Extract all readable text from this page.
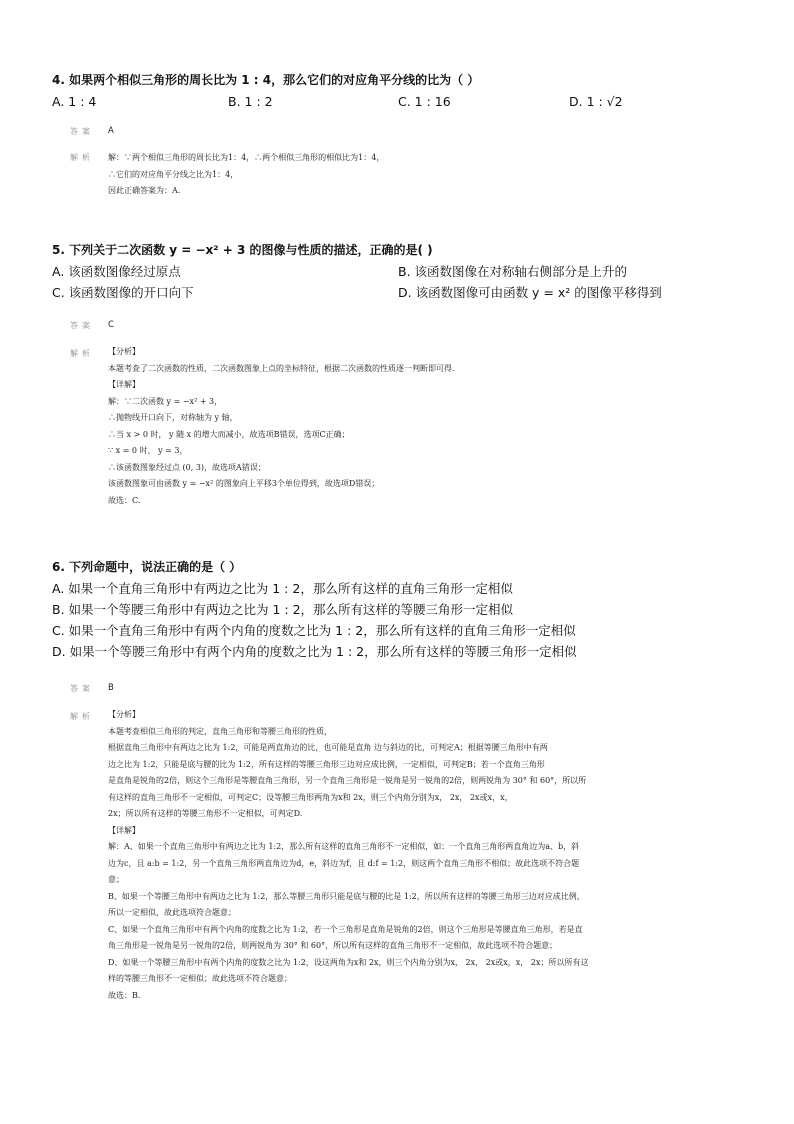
4. 如果两个相似三角形的周长比为 1 : 4，那么它们的对应角平分线的比为（ ）
A. 1 : 4	B. 1 : 2	C. 1 : 16	D. 1 : √2
答案 A
解析 解：∵两个相似三角形的周长比为1：4，∴两个相似三角形的相似比为1：4，
∴它们的对应角平分线之比为1：4，
因此正确答案为：A.
5. 下列关于二次函数 y = −x² + 3 的图像与性质的描述，正确的是( )
A. 该函数图像经过原点	B. 该函数图像在对称轴右侧部分是上升的
C. 该函数图像的开口向下	D. 该函数图像可由函数 y = x² 的图像平移得到
答案 C
解析 【分析】
本题考查了二次函数的性质，二次函数图象上点的坐标特征，根据二次函数的性质逐一判断即可得.
【详解】
解：∵二次函数 y = −x² + 3，
∴抛物线开口向下，对称轴为 y 轴，
∴当 x > 0 时， y 随 x 的增大而减小，故选项B错误，选项C正确；
∵ x = 0 时， y = 3，
∴该函数图象经过点 (0, 3)，故选项A错误；
该函数图象可由函数 y = −x² 的图象向上平移3个单位得到，故选项D错误；
故选：C.
6. 下列命题中，说法正确的是（ ）
A. 如果一个直角三角形中有两边之比为 1 : 2，那么所有这样的直角三角形一定相似
B. 如果一个等腰三角形中有两边之比为 1 : 2，那么所有这样的等腰三角形一定相似
C. 如果一个直角三角形中有两个内角的度数之比为 1 : 2，那么所有这样的直角三角形一定相似
D. 如果一个等腰三角形中有两个内角的度数之比为 1 : 2，那么所有这样的等腰三角形一定相似
答案 B
解析 【分析】
本题考查相似三角形的判定，直角三角形和等腰三角形的性质，
根据直角三角形中有两边之比为 1:2，可能是两直角边的比，也可能是直角 边与斜边的比，可判定A；根据等腰三角形中有两
边之比为 1:2，只能是底与腰的比为 1:2，所有这样的等腰三角形三边对应成比例，一定相似，可判定B；若一个直角三角形
是直角是锐角的2倍，则这个三角形是等腰直角三角形，另一个直角三角形是一锐角是另一锐角的2倍，则两锐角为 30° 和 60°，所以所
有这样的直角三角形不一定相似，可判定C；设等腰三角形两角为x和 2x，则三个内角分别为x， 2x， 2x或x，x，
2x；所以所有这样的等腰三角形不一定相似，可判定D.
【详解】
解：A、如果一个直角三角形中有两边之比为 1:2，那么所有这样的直角三角形不一定相似，如：一个直角三角形两直角边为a、b，斜
边为c，且 a:b = 1:2，另一个直角三角形两直角边为d，e，斜边为f，且 d:f = 1:2，则这两个直角三角形不相似；故此选项不符合题
意；
B、如果一个等腰三角形中有两边之比为 1:2，那么等腰三角形只能是底与腰的比是 1:2，所以所有这样的等腰三角形三边对应成比例，
所以一定相似，故此选项符合题意；
C、如果一个直角三角形中有两个内角的度数之比为 1:2，若一个三角形是直角是锐角的2倍，则这个三角形是等腰直角三角形，若是直
角三角形是一锐角是另一锐角的2倍，则两锐角为 30° 和 60°，所以所有这样的直角三角形不一定相似，故此选项不符合题意；
D、如果一个等腰三角形中有两个内角的度数之比为 1:2，设这两角为x和 2x，则三个内角分别为x， 2x， 2x或x，x， 2x；所以所有这
样的等腰三角形不一定相似；故此选项不符合题意；
故选：B.
